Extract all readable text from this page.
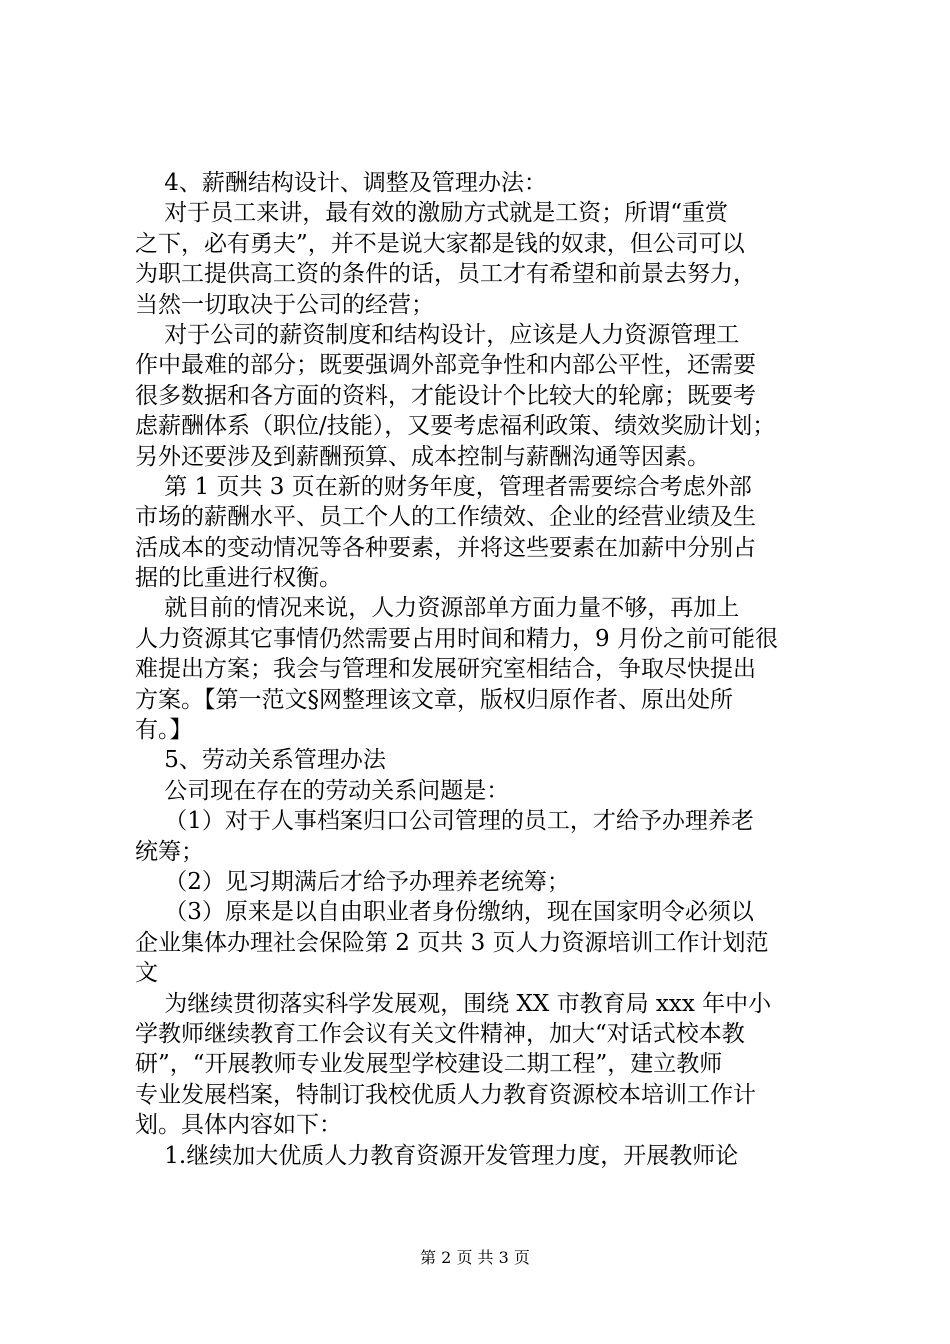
4、薪酬结构设计、调整及管理办法：
对于员工来讲，最有效的激励方式就是工资；所谓“重赏
之下，必有勇夫”，并不是说大家都是钱的奴隶，但公司可以
为职工提供高工资的条件的话，员工才有希望和前景去努力，
当然一切取决于公司的经营；
对于公司的薪资制度和结构设计，应该是人力资源管理工
作中最难的部分；既要强调外部竞争性和内部公平性，还需要
很多数据和各方面的资料，才能设计个比较大的轮廓；既要考
虑薪酬体系（职位/技能），又要考虑福利政策、绩效奖励计划；
另外还要涉及到薪酬预算、成本控制与薪酬沟通等因素。
第 1 页共 3 页在新的财务年度，管理者需要综合考虑外部
市场的薪酬水平、员工个人的工作绩效、企业的经营业绩及生
活成本的变动情况等各种要素，并将这些要素在加薪中分别占
据的比重进行权衡。
就目前的情况来说，人力资源部单方面力量不够，再加上
人力资源其它事情仍然需要占用时间和精力，9 月份之前可能很
难提出方案；我会与管理和发展研究室相结合，争取尽快提出
方案。【第一范文§网整理该文章，版权归原作者、原出处所
有。】
5、劳动关系管理办法
公司现在存在的劳动关系问题是：
（1）对于人事档案归口公司管理的员工，才给予办理养老
统筹；
（2）见习期满后才给予办理养老统筹；
（3）原来是以自由职业者身份缴纳，现在国家明令必须以
企业集体办理社会保险第 2 页共 3 页人力资源培训工作计划范
文
为继续贯彻落实科学发展观，围绕 XX 市教育局 xxx 年中小
学教师继续教育工作会议有关文件精神，加大“对话式校本教
研”，“开展教师专业发展型学校建设二期工程”，建立教师
专业发展档案，特制订我校优质人力教育资源校本培训工作计
划。具体内容如下：
1.继续加大优质人力教育资源开发管理力度，开展教师论
第 2 页 共 3 页
